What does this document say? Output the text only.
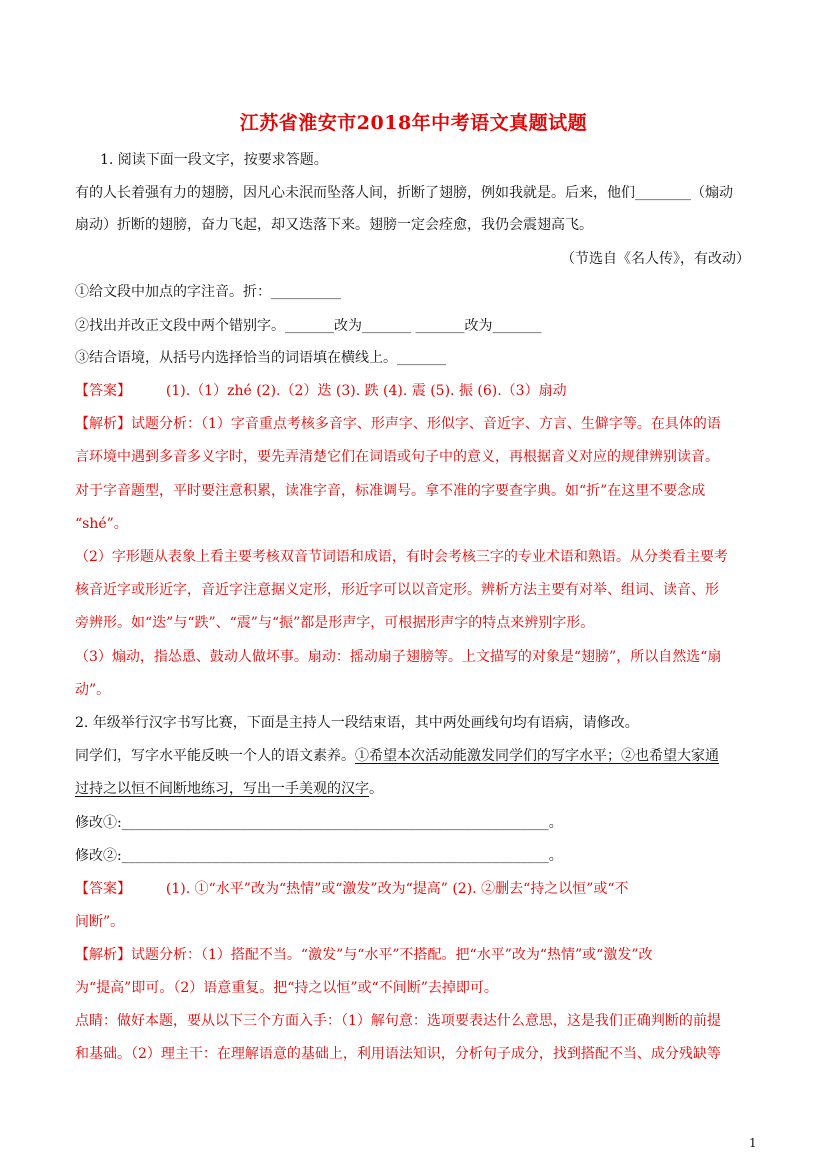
江苏省淮安市2018年中考语文真题试题
1. 阅读下面一段文字，按要求答题。
有的人长着强有力的翅膀，因凡心未泯而坠落人间，折断了翅膀，例如我就是。后来，他们________（煽动
扇动）折断的翅膀，奋力飞起，却又迭落下来。翅膀一定会痊愈，我仍会震翅高飞。
（节选自《名人传》，有改动）
①给文段中加点的字注音。折：__________
②找出并改正文段中两个错别字。_______改为_______ _______改为_______
③结合语境，从括号内选择恰当的词语填在横线上。_______
【答案】 (1).（1）zhé (2).（2）迭 (3). 跌 (4). 震 (5). 振 (6).（3）扇动
【解析】试题分析：（1）字音重点考核多音字、形声字、形似字、音近字、方言、生僻字等。在具体的语
言环境中遇到多音多义字时，要先弄清楚它们在词语或句子中的意义，再根据音义对应的规律辨别读音。
对于字音题型，平时要注意积累，读准字音，标准调号。拿不准的字要查字典。如“折”在这里不要念成
“shé”。
（2）字形题从表象上看主要考核双音节词语和成语，有时会考核三字的专业术语和熟语。从分类看主要考
核音近字或形近字，音近字注意据义定形，形近字可以以音定形。辨析方法主要有对举、组词、读音、形
旁辨形。如“迭”与“跌”、“震”与“振”都是形声字，可根据形声字的特点来辨别字形。
（3）煽动，指怂恿、鼓动人做坏事。扇动：摇动扇子翅膀等。上文描写的对象是“翅膀”，所以自然选“扇
动”。
2. 年级举行汉字书写比赛，下面是主持人一段结束语，其中两处画线句均有语病，请修改。
同学们，写字水平能反映一个人的语文素养。①希望本次活动能激发同学们的写字水平；②也希望大家通
过持之以恒不间断地练习，写出一手美观的汉字。
修改①:_____________________________________________________________。
修改②:_____________________________________________________________。
【答案】 (1). ①“水平”改为“热情”或“激发”改为“提高” (2). ②删去“持之以恒”或“不
间断”。
【解析】试题分析：（1）搭配不当。“激发”与“水平”不搭配。把“水平”改为“热情”或“激发”改
为“提高”即可。（2）语意重复。把“持之以恒”或“不间断”去掉即可。
点睛：做好本题，要从以下三个方面入手：（1）解句意：选项要表达什么意思，这是我们正确判断的前提
和基础。（2）理主干：在理解语意的基础上，利用语法知识，分析句子成分，找到搭配不当、成分残缺等
1
